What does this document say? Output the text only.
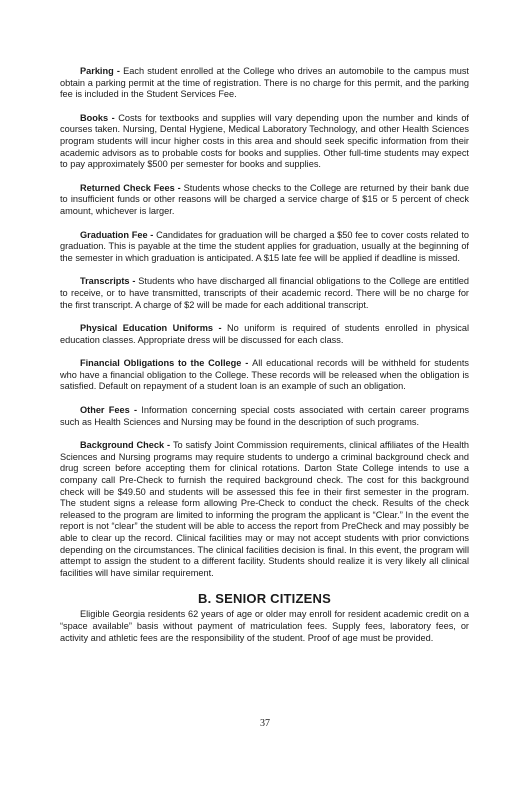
Parking - Each student enrolled at the College who drives an automobile to the campus must obtain a parking permit at the time of registration. There is no charge for this permit, and the parking fee is included in the Student Services Fee.

Books - Costs for textbooks and supplies will vary depending upon the number and kinds of courses taken. Nursing, Dental Hygiene, Medical Laboratory Technology, and other Health Sciences program students will incur higher costs in this area and should seek specific information from their academic advisors as to probable costs for books and supplies. Other full-time students may expect to pay approximately $500 per semester for books and supplies.

Returned Check Fees - Students whose checks to the College are returned by their bank due to insufficient funds or other reasons will be charged a service charge of $15 or 5 percent of check amount, whichever is larger.

Graduation Fee - Candidates for graduation will be charged a $50 fee to cover costs related to graduation. This is payable at the time the student applies for graduation, usually at the beginning of the semester in which graduation is anticipated. A $15 late fee will be applied if deadline is missed.

Transcripts - Students who have discharged all financial obligations to the College are entitled to receive, or to have transmitted, transcripts of their academic record. There will be no charge for the first transcript. A charge of $2 will be made for each additional transcript.

Physical Education Uniforms - No uniform is required of students enrolled in physical education classes. Appropriate dress will be discussed for each class.

Financial Obligations to the College - All educational records will be withheld for students who have a financial obligation to the College. These records will be released when the obligation is satisfied. Default on repayment of a student loan is an example of such an obligation.

Other Fees - Information concerning special costs associated with certain career programs such as Health Sciences and Nursing may be found in the description of such programs.

Background Check - To satisfy Joint Commission requirements, clinical affiliates of the Health Sciences and Nursing programs may require students to undergo a criminal background check and drug screen before accepting them for clinical rotations. Darton State College intends to use a company call Pre-Check to furnish the required background check. The cost for this background check will be $49.50 and students will be assessed this fee in their first semester in the program. The student signs a release form allowing Pre-Check to conduct the check. Results of the check released to the program are limited to informing the program the applicant is “Clear.” In the event the report is not “clear” the student will be able to access the report from PreCheck and may possibly be able to clear up the record. Clinical facilities may or may not accept students with prior convictions depending on the circumstances. The clinical facilities decision is final. In this event, the program will attempt to assign the student to a different facility. Students should realize it is very likely all clinical facilities will have similar requirement.

B. SENIOR CITIZENS

Eligible Georgia residents 62 years of age or older may enroll for resident academic credit on a “space available” basis without payment of matriculation fees. Supply fees, laboratory fees, or activity and athletic fees are the responsibility of the student. Proof of age must be provided.

37
